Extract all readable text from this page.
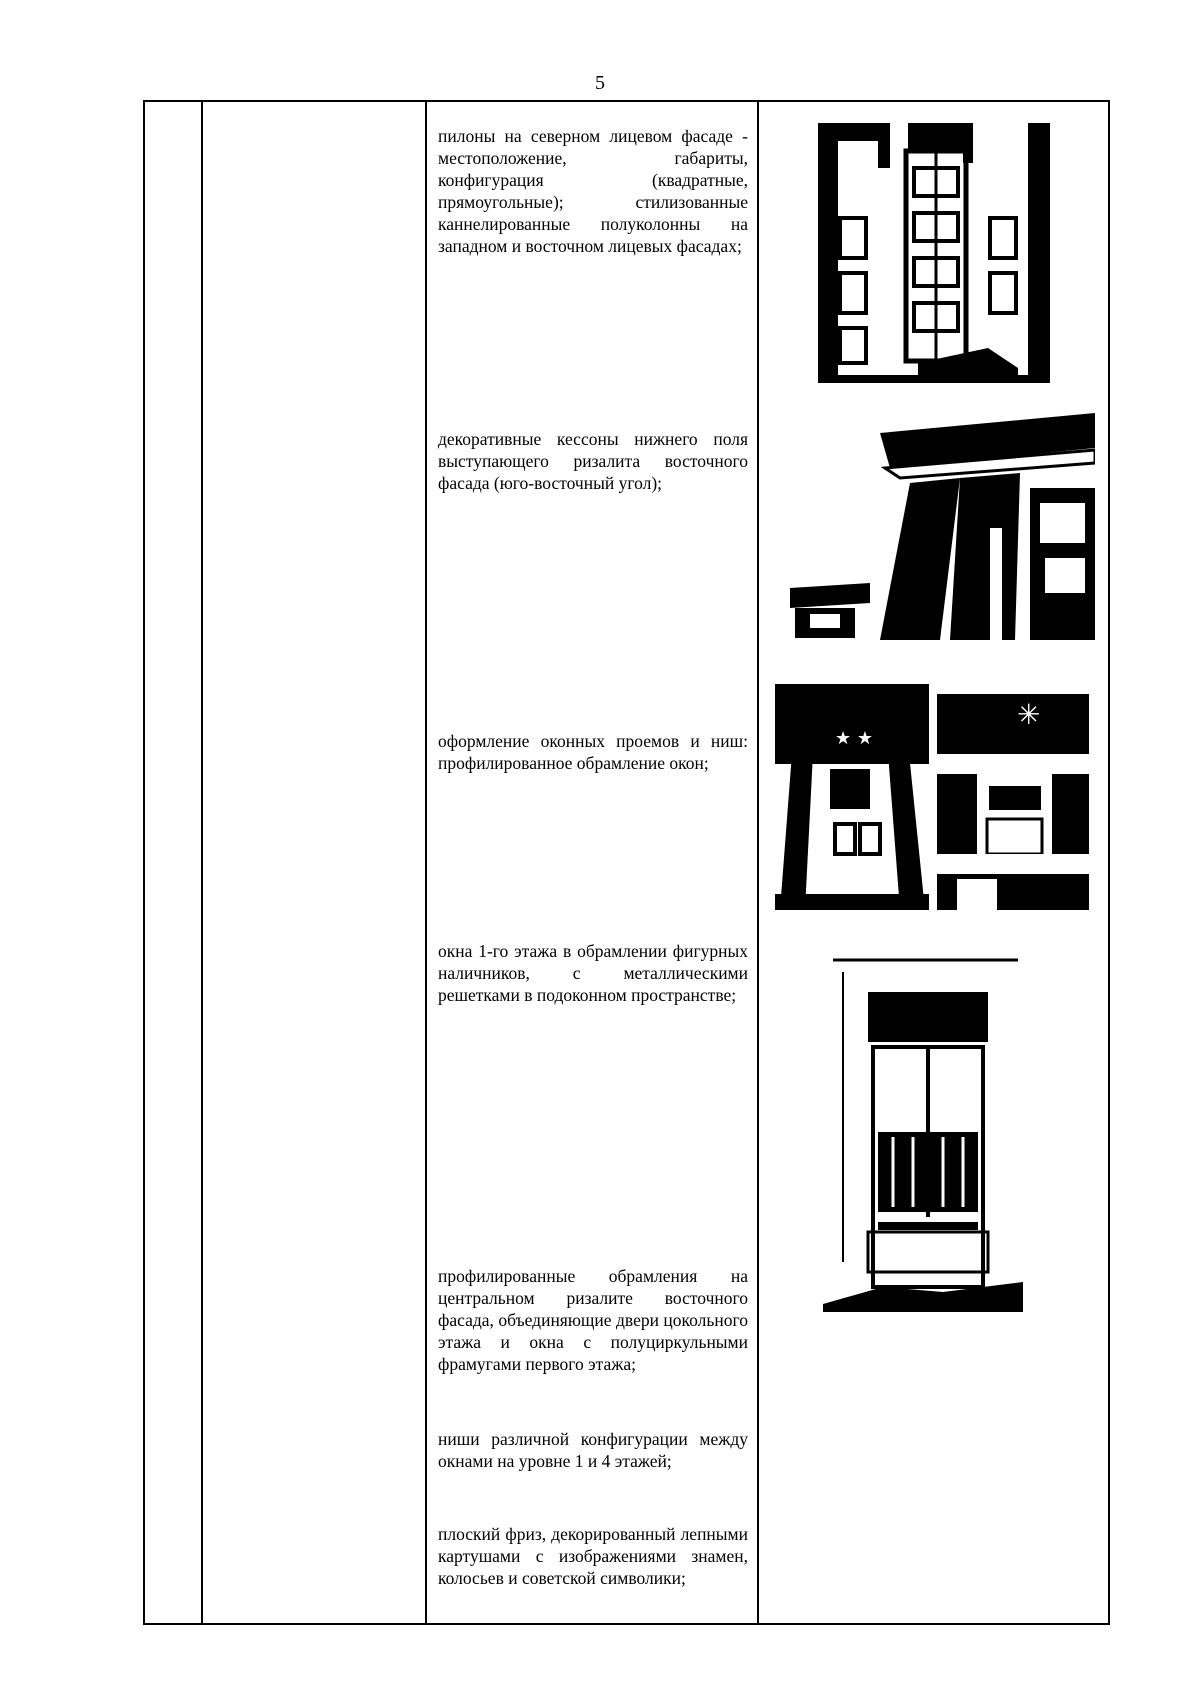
5
пилоны на северном лицевом фасаде - местоположение, габариты, конфигурация (квадратные, прямоугольные); стилизованные каннелированные полуколонны на западном и восточном лицевых фасадах;
декоративные кессоны нижнего поля выступающего ризалита восточного фасада (юго-восточный угол);
оформление оконных проемов и ниш: профилированное обрамление окон;
окна 1-го этажа в обрамлении фигурных наличников, с металлическими решетками в подоконном пространстве;
профилированные обрамления на центральном ризалите восточного фасада, объединяющие двери цокольного этажа и окна с полуциркульными фрамугами первого этажа;
ниши различной конфигурации между окнами на уровне 1 и 4 этажей;
плоский фриз, декорированный лепными картушами с изображениями знамен, колосьев и советской символики;
★ ★
✳
